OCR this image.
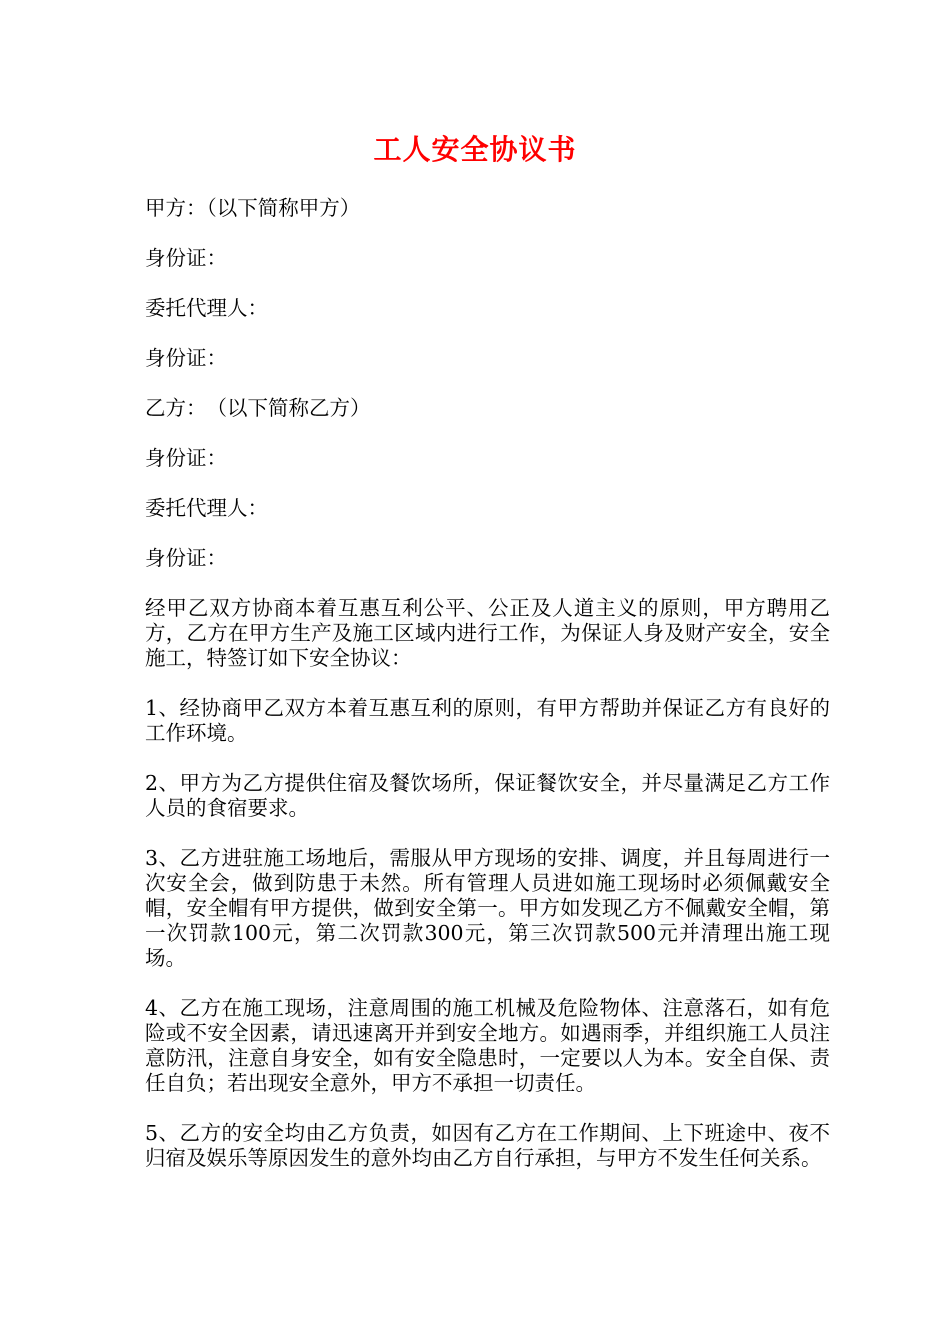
工人安全协议书

甲方：（以下简称甲方）

身份证：

委托代理人：

身份证：

乙方：　（以下简称乙方）

身份证：

委托代理人：

身份证：

经甲乙双方协商本着互惠互利公平、公正及人道主义的原则，甲方聘用乙方，乙方在甲方生产及施工区域内进行工作，为保证人身及财产安全，安全施工，特签订如下安全协议：

1、经协商甲乙双方本着互惠互利的原则，有甲方帮助并保证乙方有良好的工作环境。

2、甲方为乙方提供住宿及餐饮场所，保证餐饮安全，并尽量满足乙方工作人员的食宿要求。

3、乙方进驻施工场地后，需服从甲方现场的安排、调度，并且每周进行一次安全会，做到防患于未然。所有管理人员进如施工现场时必须佩戴安全帽，安全帽有甲方提供，做到安全第一。甲方如发现乙方不佩戴安全帽，第一次罚款100元，第二次罚款300元，第三次罚款500元并清理出施工现场。

4、乙方在施工现场，注意周围的施工机械及危险物体、注意落石，如有危险或不安全因素，请迅速离开并到安全地方。如遇雨季，并组织施工人员注意防汛，注意自身安全，如有安全隐患时，一定要以人为本。安全自保、责任自负；若出现安全意外，甲方不承担一切责任。

5、乙方的安全均由乙方负责，如因有乙方在工作期间、上下班途中、夜不归宿及娱乐等原因发生的意外均由乙方自行承担，与甲方不发生任何关系。
